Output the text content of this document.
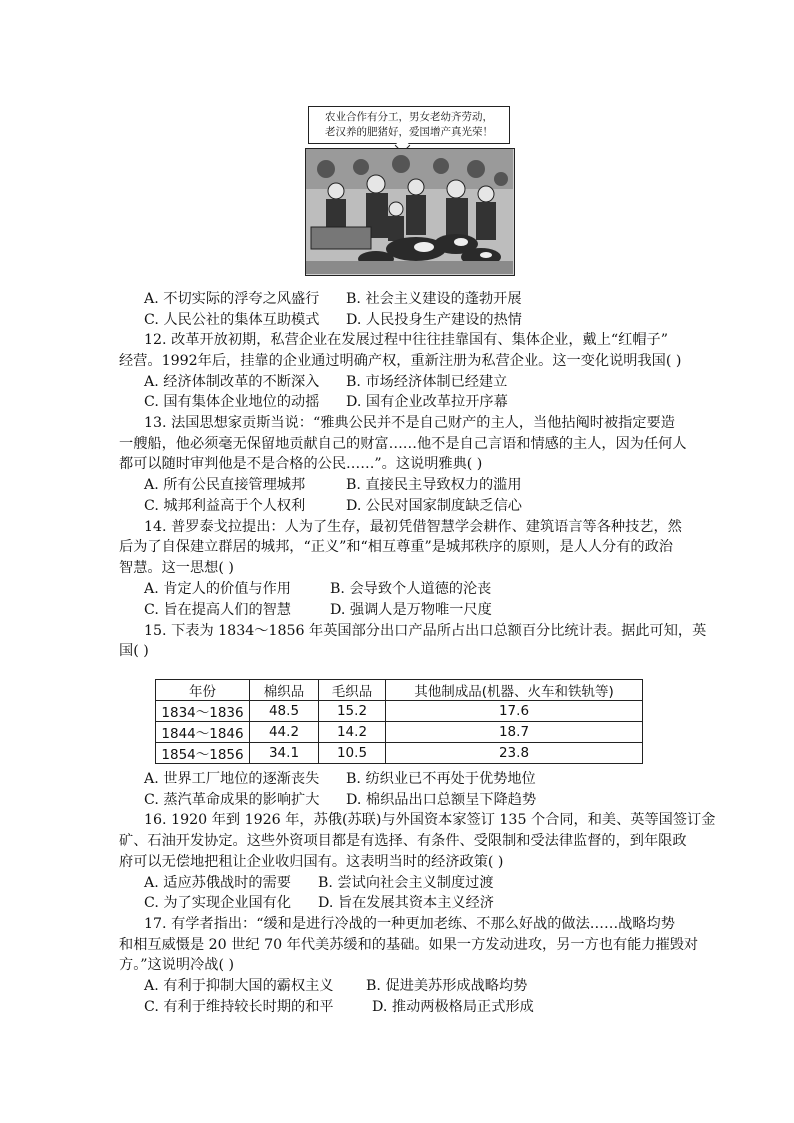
农业合作有分工，男女老幼齐劳动，
老汉养的肥猪好，爱国增产真光荣！
A. 不切实际的浮夸之风盛行 B. 社会主义建设的蓬勃开展
C. 人民公社的集体互助模式 D. 人民投身生产建设的热情
12. 改革开放初期，私营企业在发展过程中往往挂靠国有、集体企业，戴上“红帽子”
经营。1992年后，挂靠的企业通过明确产权，重新注册为私营企业。这一变化说明我国( )
A. 经济体制改革的不断深入 B. 市场经济体制已经建立
C. 国有集体企业地位的动摇 D. 国有企业改革拉开序幕
13. 法国思想家贡斯当说：“雅典公民并不是自己财产的主人，当他拈阄时被指定要造
一艘船，他必须毫无保留地贡献自己的财富……他不是自己言语和情感的主人，因为任何人
都可以随时审判他是不是合格的公民……”。这说明雅典( )
A. 所有公民直接管理城邦	B. 直接民主导致权力的滥用
C. 城邦利益高于个人权利	D. 公民对国家制度缺乏信心
14. 普罗泰戈拉提出：人为了生存，最初凭借智慧学会耕作、建筑语言等各种技艺，然
后为了自保建立群居的城邦，“正义”和“相互尊重”是城邦秩序的原则，是人人分有的政治
智慧。这一思想( )
A. 肯定人的价值与作用	B. 会导致个人道德的沦丧
C. 旨在提高人们的智慧	D. 强调人是万物唯一尺度
15. 下表为 1834～1856 年英国部分出口产品所占出口总额百分比统计表。据此可知，英
国( )
年份	棉织品	毛织品	其他制成品(机器、火车和铁轨等)
1834～1836	48.5	15.2	17.6
1844～1846	44.2	14.2	18.7
1854～1856	34.1	10.5	23.8
A. 世界工厂地位的逐渐丧失 B. 纺织业已不再处于优势地位
C. 蒸汽革命成果的影响扩大 D. 棉织品出口总额呈下降趋势
16. 1920 年到 1926 年，苏俄(苏联)与外国资本家签订 135 个合同，和美、英等国签订金
矿、石油开发协定。这些外资项目都是有选择、有条件、受限制和受法律监督的，到年限政
府可以无偿地把租让企业收归国有。这表明当时的经济政策( )
A. 适应苏俄战时的需要 B. 尝试向社会主义制度过渡
C. 为了实现企业国有化 D. 旨在发展其资本主义经济
17. 有学者指出：“缓和是进行冷战的一种更加老练、不那么好战的做法……战略均势
和相互威慑是 20 世纪 70 年代美苏缓和的基础。如果一方发动进攻，另一方也有能力摧毁对
方。”这说明冷战( )
A. 有利于抑制大国的霸权主义 B. 促进美苏形成战略均势
C. 有利于维持较长时期的和平	D. 推动两极格局正式形成
